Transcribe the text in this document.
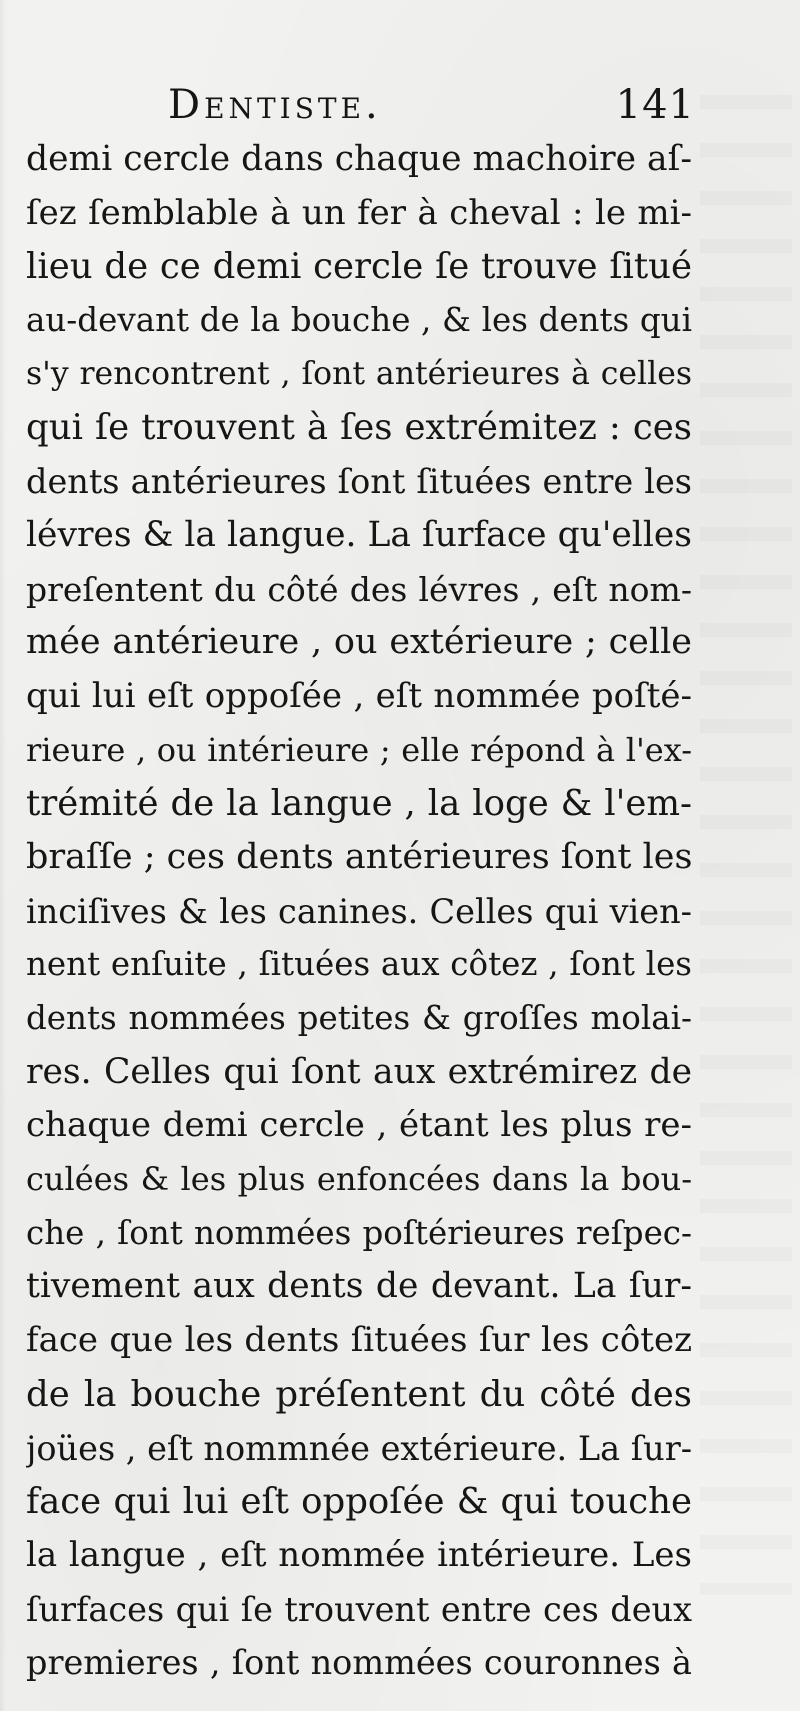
Dentiste.	141
demi cercle dans chaque machoire aſ-
ſez ſemblable à un fer à cheval : le mi-
lieu de ce demi cercle ſe trouve ſitué
au-devant de la bouche , & les dents qui
s'y rencontrent , ſont antérieures à celles
qui ſe trouvent à ſes extrémitez : ces
dents antérieures ſont ſituées entre les
lévres & la langue. La ſurface qu'elles
preſentent du côté des lévres , eſt nom-
mée antérieure , ou extérieure ; celle
qui lui eſt oppoſée , eſt nommée poſté-
rieure , ou intérieure ; elle répond à l'ex-
trémité de la langue , la loge & l'em-
braſſe ; ces dents antérieures ſont les
inciſives & les canines. Celles qui vien-
nent enſuite , ſituées aux côtez , ſont les
dents nommées petites & groſſes molai-
res. Celles qui ſont aux extrémirez de
chaque demi cercle , étant les plus re-
culées & les plus enfoncées dans la bou-
che , ſont nommées poſtérieures reſpec-
tivement aux dents de devant. La ſur-
face que les dents ſituées ſur les côtez
de la bouche préſentent du côté des
joües , eſt nommnée extérieure. La ſur-
face qui lui eſt oppoſée & qui touche
la langue , eſt nommée intérieure. Les
ſurfaces qui ſe trouvent entre ces deux
premieres , ſont nommées couronnes à
